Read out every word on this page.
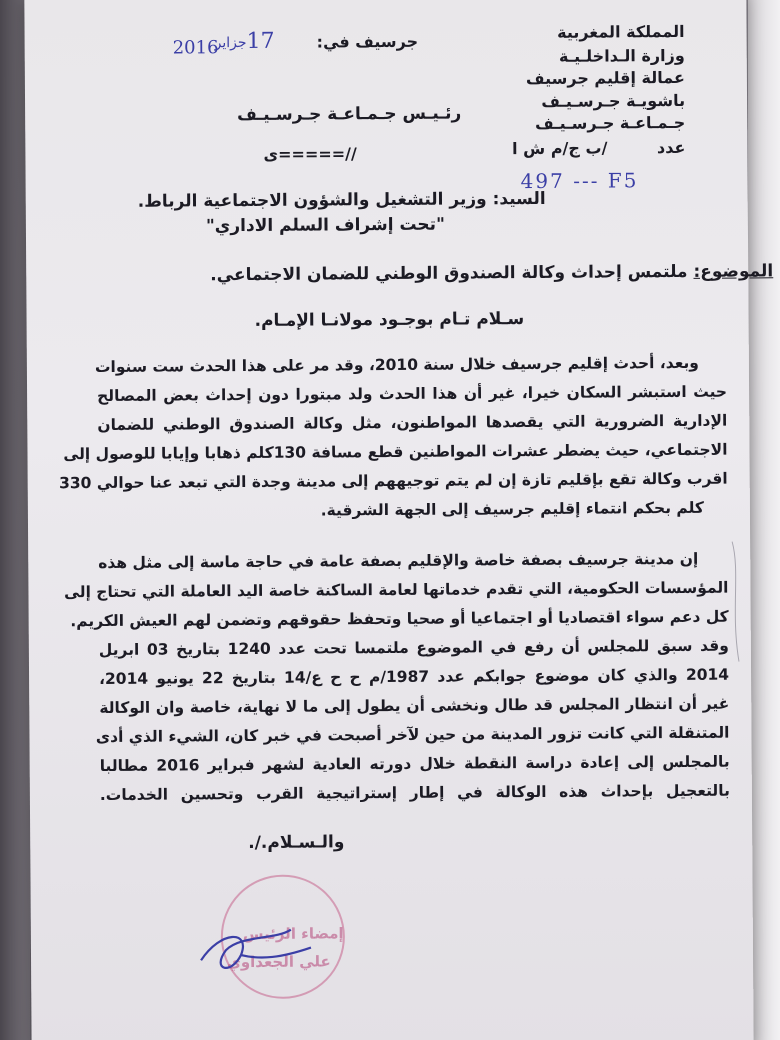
المملكة المغربية
وزارة الـداخلـيـة
عمالة إقليم جرسيف
باشويـة جـرسـيـف
جـمـاعـة جـرسـيـف
عدد
/ب ج/م ش ا
جرسيف في:
2016
جزاير 17
رئـيـس جـمـاعـة جـرسـيـف
ى=====//
497 --- F5
السيد: وزير التشغيل والشؤون الاجتماعية الرباط.
"تحت إشراف السلم الاداري"
الموضوع: ملتمس إحداث وكالة الصندوق الوطني للضمان الاجتماعي.
سـلام تـام بوجـود مولانـا الإمـام.
وبعد، أحدث إقليم جرسيف خلال سنة 2010، وقد مر على هذا الحدث ست سنوات
حيث استبشر السكان خيرا، غير أن هذا الحدث ولد مبتورا دون إحداث بعض المصالح
الإدارية الضرورية التي يقصدها المواطنون، مثل وكالة الصندوق الوطني للضمان
الاجتماعي، حيث يضطر عشرات المواطنين قطع مسافة 130كلم ذهابا وإيابا للوصول إلى
اقرب وكالة تقع بإقليم تازة إن لم يتم توجيههم إلى مدينة وجدة التي تبعد عنا حوالي 330
كلم بحكم انتماء إقليم جرسيف إلى الجهة الشرقية.
إن مدينة جرسيف بصفة خاصة والإقليم بصفة عامة في حاجة ماسة إلى مثل هذه
المؤسسات الحكومية، التي تقدم خدماتها لعامة الساكنة خاصة اليد العاملة التي تحتاج إلى
كل دعم سواء اقتصاديا أو اجتماعيا أو صحيا وتحفظ حقوقهم وتضمن لهم العيش الكريم.
وقد سبق للمجلس أن رفع في الموضوع ملتمسا تحت عدد 1240 بتاريخ 03 ابريل
2014 والذي كان موضوع جوابكم عدد 1987/م ح ح ع/14 بتاريخ 22 يونيو 2014،
غير أن انتظار المجلس قد طال ونخشى أن يطول إلى ما لا نهاية، خاصة وان الوكالة
المتنقلة التي كانت تزور المدينة من حين لآخر أصبحت في خبر كان، الشيء الذي أدى
بالمجلس إلى إعادة دراسة النقطة خلال دورته العادية لشهر فبراير 2016 مطالبا
بالتعجيل بإحداث هذه الوكالة في إطار إستراتيجية القرب وتحسين الخدمات.
والـسـلام./.
إمضاء الرئيس
علي الجعداوي
